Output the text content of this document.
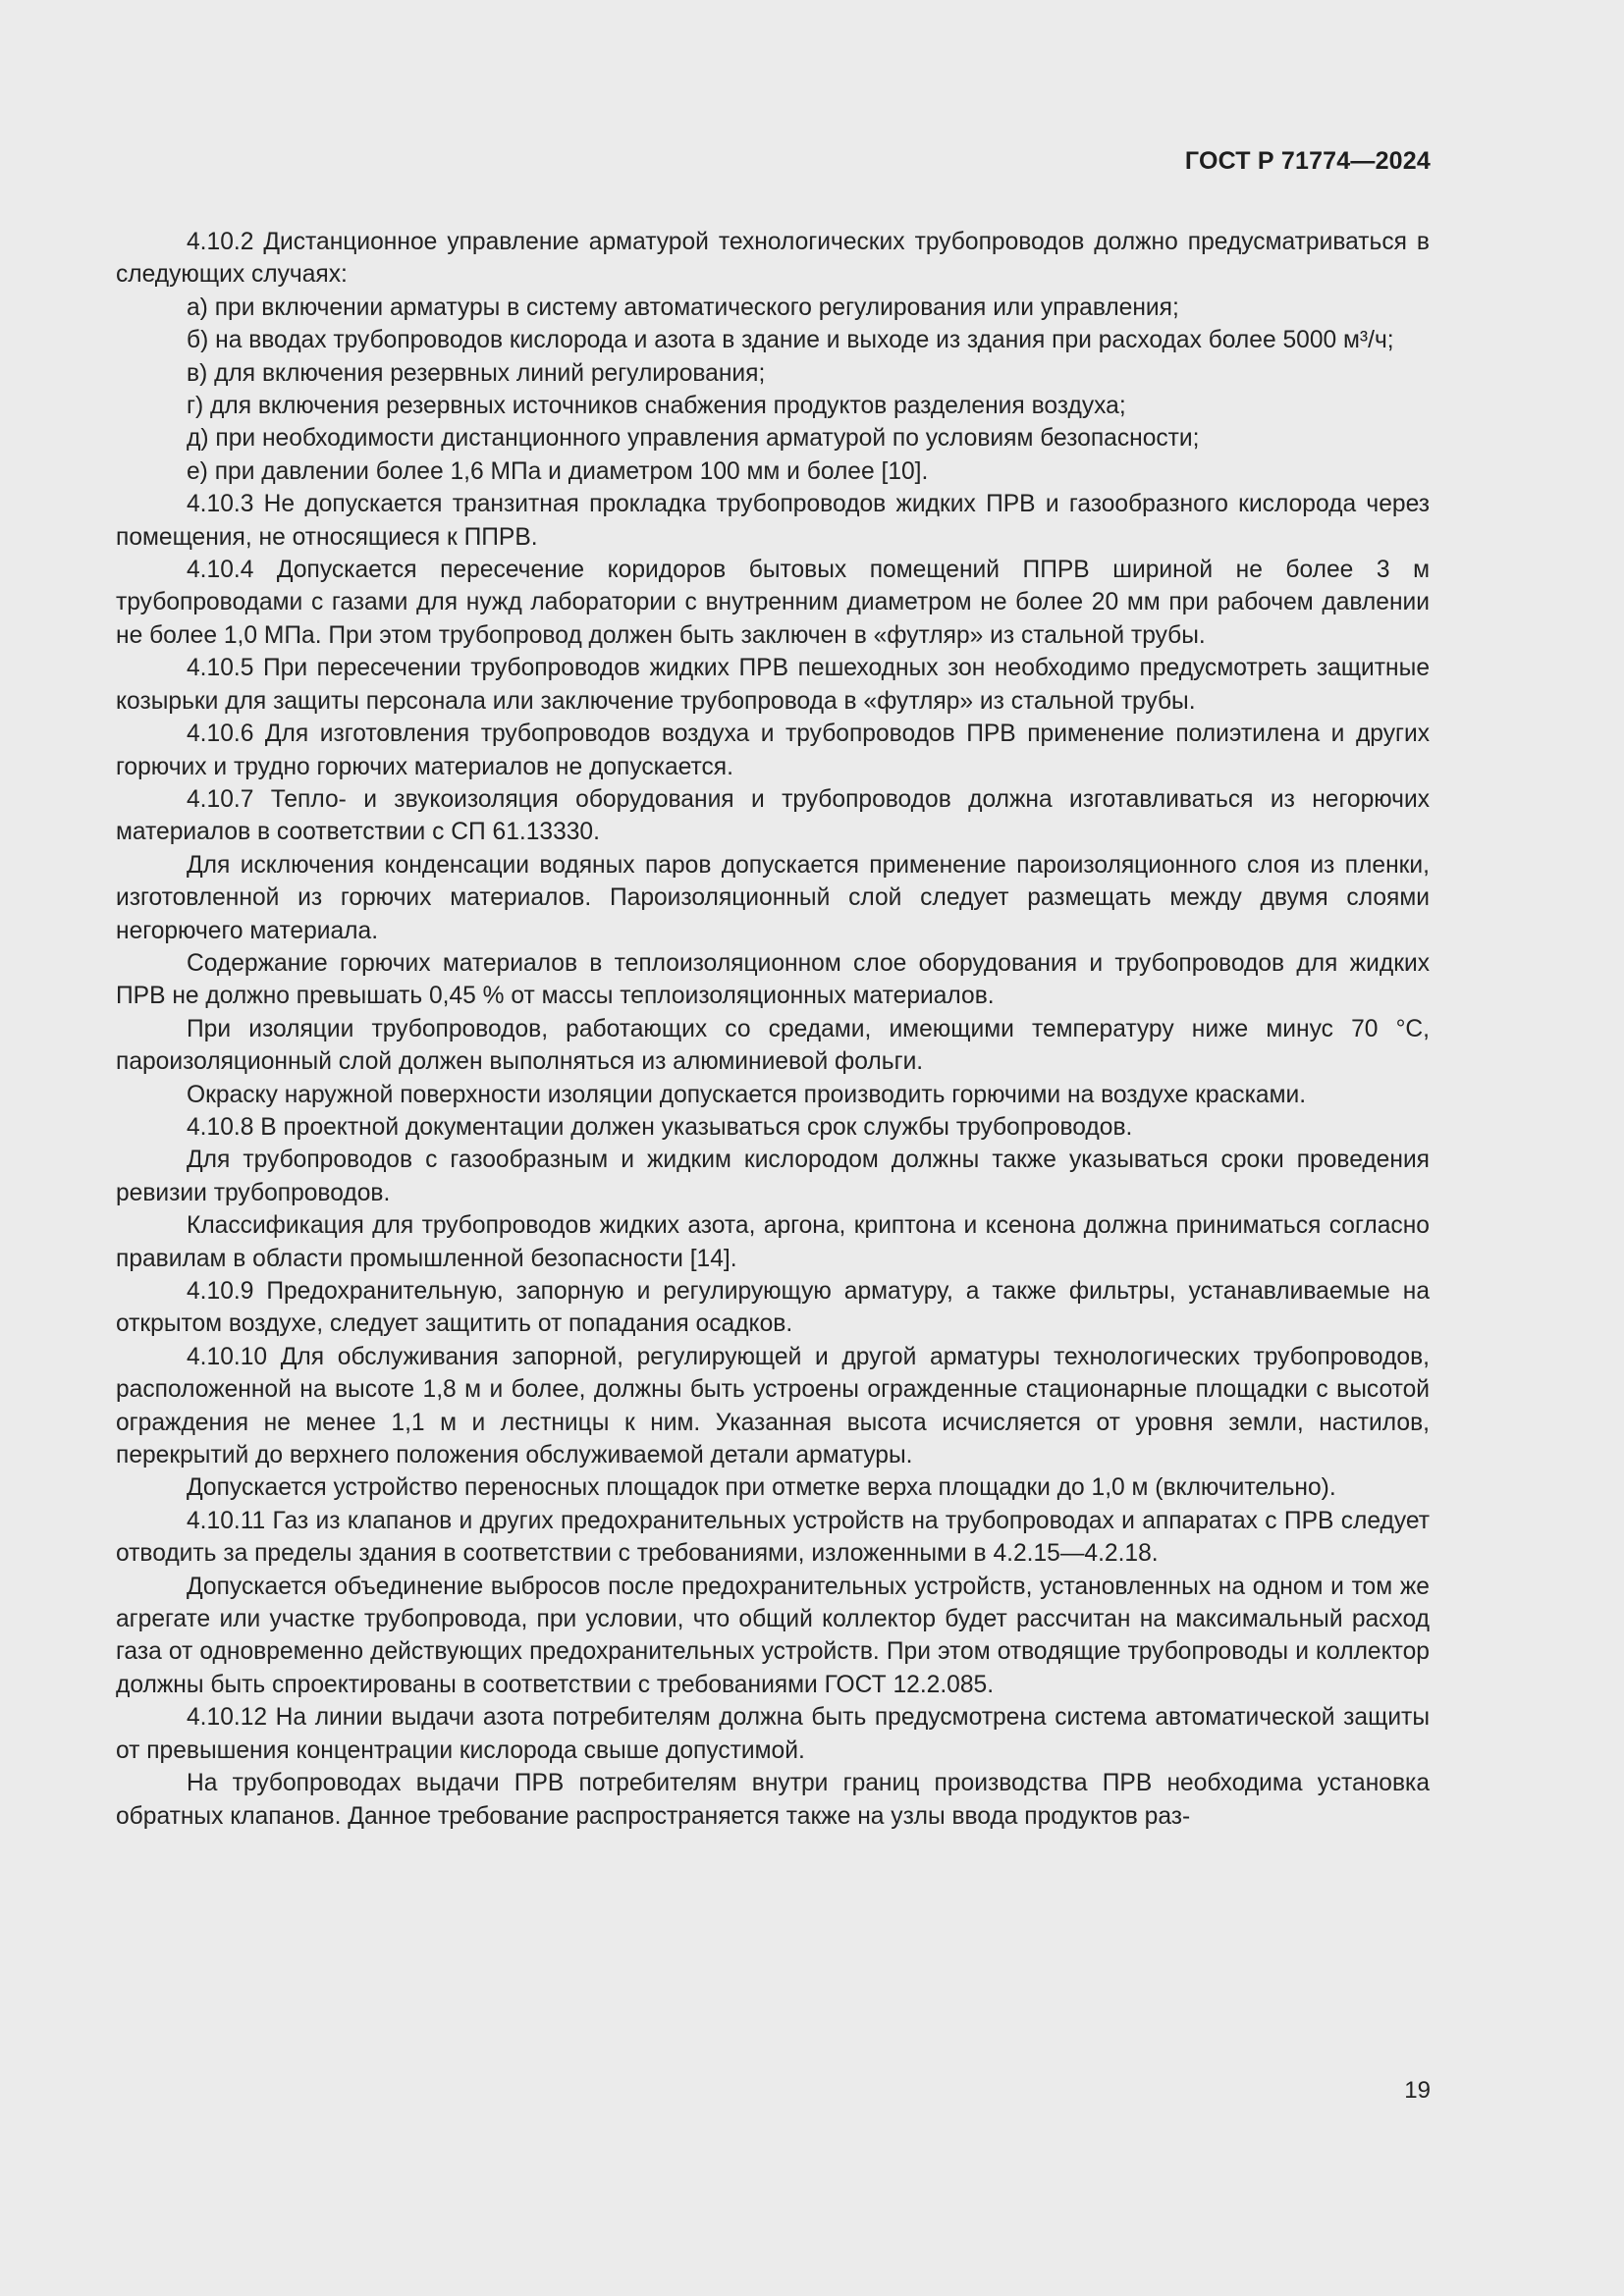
ГОСТ Р 71774—2024

4.10.2 Дистанционное управление арматурой технологических трубопроводов должно предусматриваться в следующих случаях:

а) при включении арматуры в систему автоматического регулирования или управления;

б) на вводах трубопроводов кислорода и азота в здание и выходе из здания при расходах более 5000 м³/ч;

в) для включения резервных линий регулирования;

г) для включения резервных источников снабжения продуктов разделения воздуха;

д) при необходимости дистанционного управления арматурой по условиям безопасности;

е) при давлении более 1,6 МПа и диаметром 100 мм и более [10].

4.10.3 Не допускается транзитная прокладка трубопроводов жидких ПРВ и газообразного кислорода через помещения, не относящиеся к ППРВ.

4.10.4 Допускается пересечение коридоров бытовых помещений ППРВ шириной не более 3 м трубопроводами с газами для нужд лаборатории с внутренним диаметром не более 20 мм при рабочем давлении не более 1,0 МПа. При этом трубопровод должен быть заключен в «футляр» из стальной трубы.

4.10.5 При пересечении трубопроводов жидких ПРВ пешеходных зон необходимо предусмотреть защитные козырьки для защиты персонала или заключение трубопровода в «футляр» из стальной трубы.

4.10.6 Для изготовления трубопроводов воздуха и трубопроводов ПРВ применение полиэтилена и других горючих и трудно горючих материалов не допускается.

4.10.7 Тепло- и звукоизоляция оборудования и трубопроводов должна изготавливаться из негорючих материалов в соответствии с СП 61.13330.

Для исключения конденсации водяных паров допускается применение пароизоляционного слоя из пленки, изготовленной из горючих материалов. Пароизоляционный слой следует размещать между двумя слоями негорючего материала.

Содержание горючих материалов в теплоизоляционном слое оборудования и трубопроводов для жидких ПРВ не должно превышать 0,45 % от массы теплоизоляционных материалов.

При изоляции трубопроводов, работающих со средами, имеющими температуру ниже минус 70 °С, пароизоляционный слой должен выполняться из алюминиевой фольги.

Окраску наружной поверхности изоляции допускается производить горючими на воздухе красками.

4.10.8 В проектной документации должен указываться срок службы трубопроводов.

Для трубопроводов с газообразным и жидким кислородом должны также указываться сроки проведения ревизии трубопроводов.

Классификация для трубопроводов жидких азота, аргона, криптона и ксенона должна приниматься согласно правилам в области промышленной безопасности [14].

4.10.9 Предохранительную, запорную и регулирующую арматуру, а также фильтры, устанавливаемые на открытом воздухе, следует защитить от попадания осадков.

4.10.10 Для обслуживания запорной, регулирующей и другой арматуры технологических трубопроводов, расположенной на высоте 1,8 м и более, должны быть устроены огражденные стационарные площадки с высотой ограждения не менее 1,1 м и лестницы к ним. Указанная высота исчисляется от уровня земли, настилов, перекрытий до верхнего положения обслуживаемой детали арматуры.

Допускается устройство переносных площадок при отметке верха площадки до 1,0 м (включительно).

4.10.11 Газ из клапанов и других предохранительных устройств на трубопроводах и аппаратах с ПРВ следует отводить за пределы здания в соответствии с требованиями, изложенными в 4.2.15—4.2.18.

Допускается объединение выбросов после предохранительных устройств, установленных на одном и том же агрегате или участке трубопровода, при условии, что общий коллектор будет рассчитан на максимальный расход газа от одновременно действующих предохранительных устройств. При этом отводящие трубопроводы и коллектор должны быть спроектированы в соответствии с требованиями ГОСТ 12.2.085.

4.10.12 На линии выдачи азота потребителям должна быть предусмотрена система автоматической защиты от превышения концентрации кислорода свыше допустимой.

На трубопроводах выдачи ПРВ потребителям внутри границ производства ПРВ необходима установка обратных клапанов. Данное требование распространяется также на узлы ввода продуктов раз-

19
